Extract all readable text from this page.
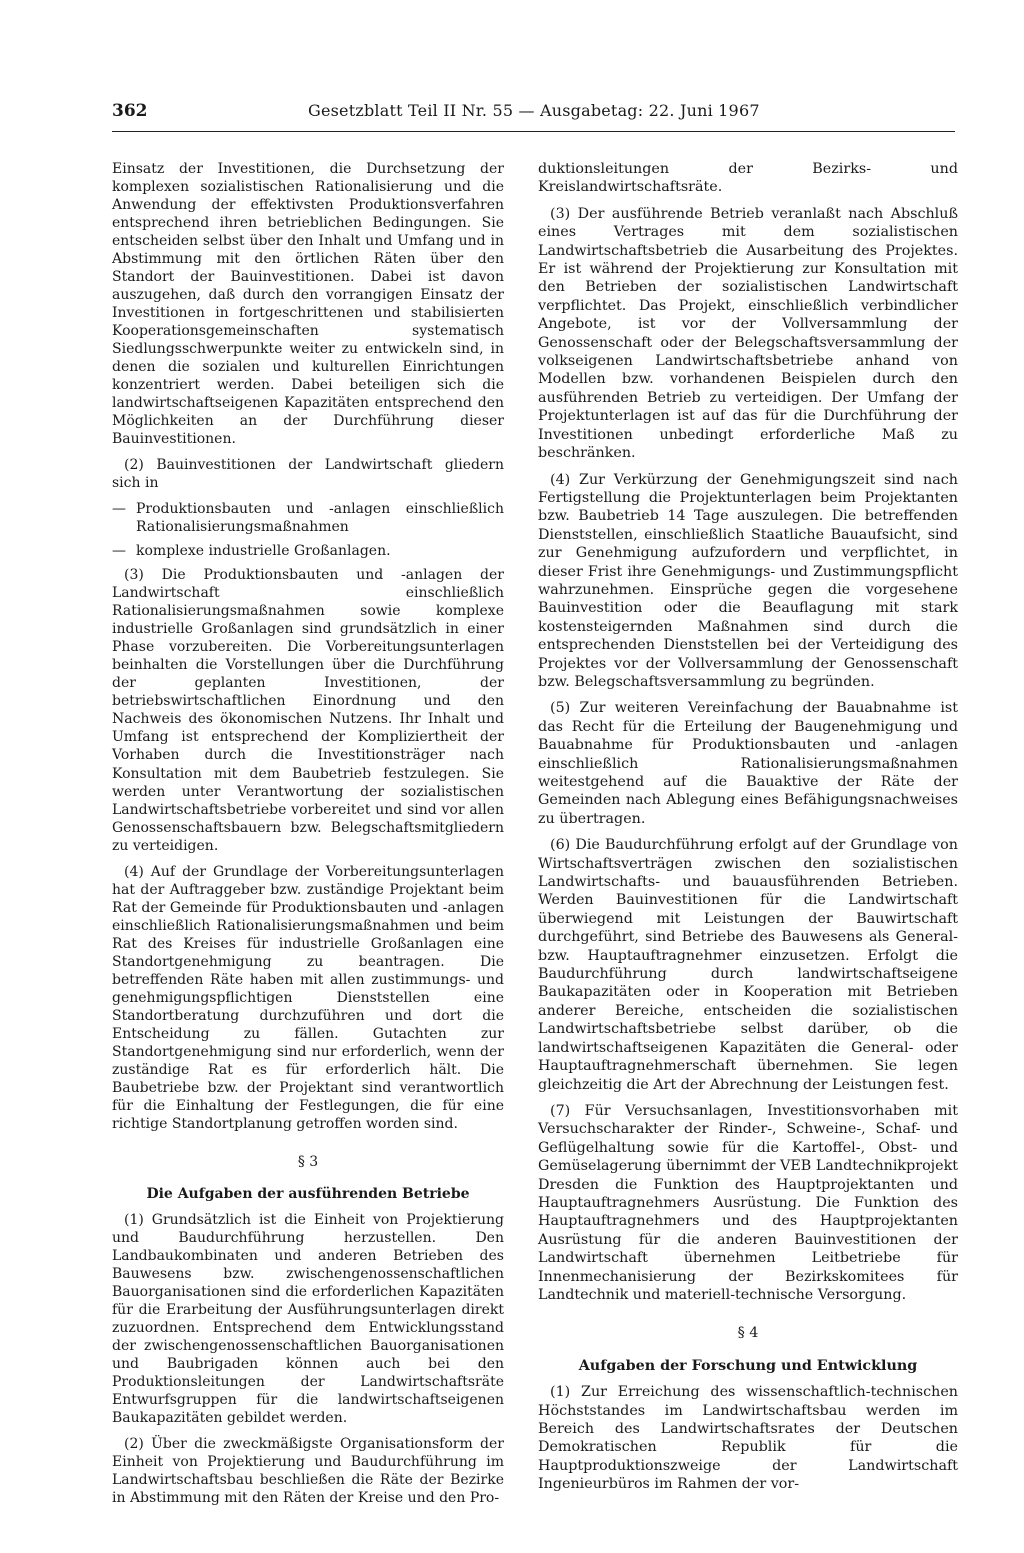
362	Gesetzblatt Teil II Nr. 55 — Ausgabetag: 22. Juni 1967

Einsatz der Investitionen, die Durchsetzung der komplexen sozialistischen Rationalisierung und die Anwendung der effektivsten Produktionsverfahren entsprechend ihren betrieblichen Bedingungen. Sie entscheiden selbst über den Inhalt und Umfang und in Abstimmung mit den örtlichen Räten über den Standort der Bauinvestitionen. Dabei ist davon auszugehen, daß durch den vorrangigen Einsatz der Investitionen in fortgeschrittenen und stabilisierten Kooperationsgemeinschaften systematisch Siedlungsschwerpunkte weiter zu entwickeln sind, in denen die sozialen und kulturellen Einrichtungen konzentriert werden. Dabei beteiligen sich die landwirtschaftseigenen Kapazitäten entsprechend den Möglichkeiten an der Durchführung dieser Bauinvestitionen.

(2) Bauinvestitionen der Landwirtschaft gliedern sich in

— Produktionsbauten und -anlagen einschließlich Rationalisierungsmaßnahmen

— komplexe industrielle Großanlagen.

(3) Die Produktionsbauten und -anlagen der Landwirtschaft einschließlich Rationalisierungsmaßnahmen sowie komplexe industrielle Großanlagen sind grundsätzlich in einer Phase vorzubereiten. Die Vorbereitungsunterlagen beinhalten die Vorstellungen über die Durchführung der geplanten Investitionen, der betriebswirtschaftlichen Einordnung und den Nachweis des ökonomischen Nutzens. Ihr Inhalt und Umfang ist entsprechend der Kompliziertheit der Vorhaben durch die Investitionsträger nach Konsultation mit dem Baubetrieb festzulegen. Sie werden unter Verantwortung der sozialistischen Landwirtschaftsbetriebe vorbereitet und sind vor allen Genossenschaftsbauern bzw. Belegschaftsmitgliedern zu verteidigen.

(4) Auf der Grundlage der Vorbereitungsunterlagen hat der Auftraggeber bzw. zuständige Projektant beim Rat der Gemeinde für Produktionsbauten und -anlagen einschließlich Rationalisierungsmaßnahmen und beim Rat des Kreises für industrielle Großanlagen eine Standortgenehmigung zu beantragen. Die betreffenden Räte haben mit allen zustimmungs- und genehmigungspflichtigen Dienststellen eine Standortberatung durchzuführen und dort die Entscheidung zu fällen. Gutachten zur Standortgenehmigung sind nur erforderlich, wenn der zuständige Rat es für erforderlich hält. Die Baubetriebe bzw. der Projektant sind verantwortlich für die Einhaltung der Festlegungen, die für eine richtige Standortplanung getroffen worden sind.

§ 3

Die Aufgaben der ausführenden Betriebe

(1) Grundsätzlich ist die Einheit von Projektierung und Baudurchführung herzustellen. Den Landbaukombinaten und anderen Betrieben des Bauwesens bzw. zwischengenossenschaftlichen Bauorganisationen sind die erforderlichen Kapazitäten für die Erarbeitung der Ausführungsunterlagen direkt zuzuordnen. Entsprechend dem Entwicklungsstand der zwischengenossenschaftlichen Bauorganisationen und Baubrigaden können auch bei den Produktionsleitungen der Landwirtschaftsräte Entwurfsgruppen für die landwirtschaftseigenen Baukapazitäten gebildet werden.

(2) Über die zweckmäßigste Organisationsform der Einheit von Projektierung und Baudurchführung im Landwirtschaftsbau beschließen die Räte der Bezirke in Abstimmung mit den Räten der Kreise und den Pro-

duktionsleitungen der Bezirks- und Kreislandwirtschaftsräte.

(3) Der ausführende Betrieb veranlaßt nach Abschluß eines Vertrages mit dem sozialistischen Landwirtschaftsbetrieb die Ausarbeitung des Projektes. Er ist während der Projektierung zur Konsultation mit den Betrieben der sozialistischen Landwirtschaft verpflichtet. Das Projekt, einschließlich verbindlicher Angebote, ist vor der Vollversammlung der Genossenschaft oder der Belegschaftsversammlung der volkseigenen Landwirtschaftsbetriebe anhand von Modellen bzw. vorhandenen Beispielen durch den ausführenden Betrieb zu verteidigen. Der Umfang der Projektunterlagen ist auf das für die Durchführung der Investitionen unbedingt erforderliche Maß zu beschränken.

(4) Zur Verkürzung der Genehmigungszeit sind nach Fertigstellung die Projektunterlagen beim Projektanten bzw. Baubetrieb 14 Tage auszulegen. Die betreffenden Dienststellen, einschließlich Staatliche Bauaufsicht, sind zur Genehmigung aufzufordern und verpflichtet, in dieser Frist ihre Genehmigungs- und Zustimmungspflicht wahrzunehmen. Einsprüche gegen die vorgesehene Bauinvestition oder die Beauflagung mit stark kostensteigernden Maßnahmen sind durch die entsprechenden Dienststellen bei der Verteidigung des Projektes vor der Vollversammlung der Genossenschaft bzw. Belegschaftsversammlung zu begründen.

(5) Zur weiteren Vereinfachung der Bauabnahme ist das Recht für die Erteilung der Baugenehmigung und Bauabnahme für Produktionsbauten und -anlagen einschließlich Rationalisierungsmaßnahmen weitestgehend auf die Bauaktive der Räte der Gemeinden nach Ablegung eines Befähigungsnachweises zu übertragen.

(6) Die Baudurchführung erfolgt auf der Grundlage von Wirtschaftsverträgen zwischen den sozialistischen Landwirtschafts- und bauausführenden Betrieben. Werden Bauinvestitionen für die Landwirtschaft überwiegend mit Leistungen der Bauwirtschaft durchgeführt, sind Betriebe des Bauwesens als General- bzw. Hauptauftragnehmer einzusetzen. Erfolgt die Baudurchführung durch landwirtschaftseigene Baukapazitäten oder in Kooperation mit Betrieben anderer Bereiche, entscheiden die sozialistischen Landwirtschaftsbetriebe selbst darüber, ob die landwirtschaftseigenen Kapazitäten die General- oder Hauptauftragnehmerschaft übernehmen. Sie legen gleichzeitig die Art der Abrechnung der Leistungen fest.

(7) Für Versuchsanlagen, Investitionsvorhaben mit Versuchscharakter der Rinder-, Schweine-, Schaf- und Geflügelhaltung sowie für die Kartoffel-, Obst- und Gemüselagerung übernimmt der VEB Landtechnikprojekt Dresden die Funktion des Hauptprojektanten und Hauptauftragnehmers Ausrüstung. Die Funktion des Hauptauftragnehmers und des Hauptprojektanten Ausrüstung für die anderen Bauinvestitionen der Landwirtschaft übernehmen Leitbetriebe für Innenmechanisierung der Bezirkskomitees für Landtechnik und materiell-technische Versorgung.

§ 4

Aufgaben der Forschung und Entwicklung

(1) Zur Erreichung des wissenschaftlich-technischen Höchststandes im Landwirtschaftsbau werden im Bereich des Landwirtschaftsrates der Deutschen Demokratischen Republik für die Hauptproduktionszweige der Landwirtschaft Ingenieurbüros im Rahmen der vor-
